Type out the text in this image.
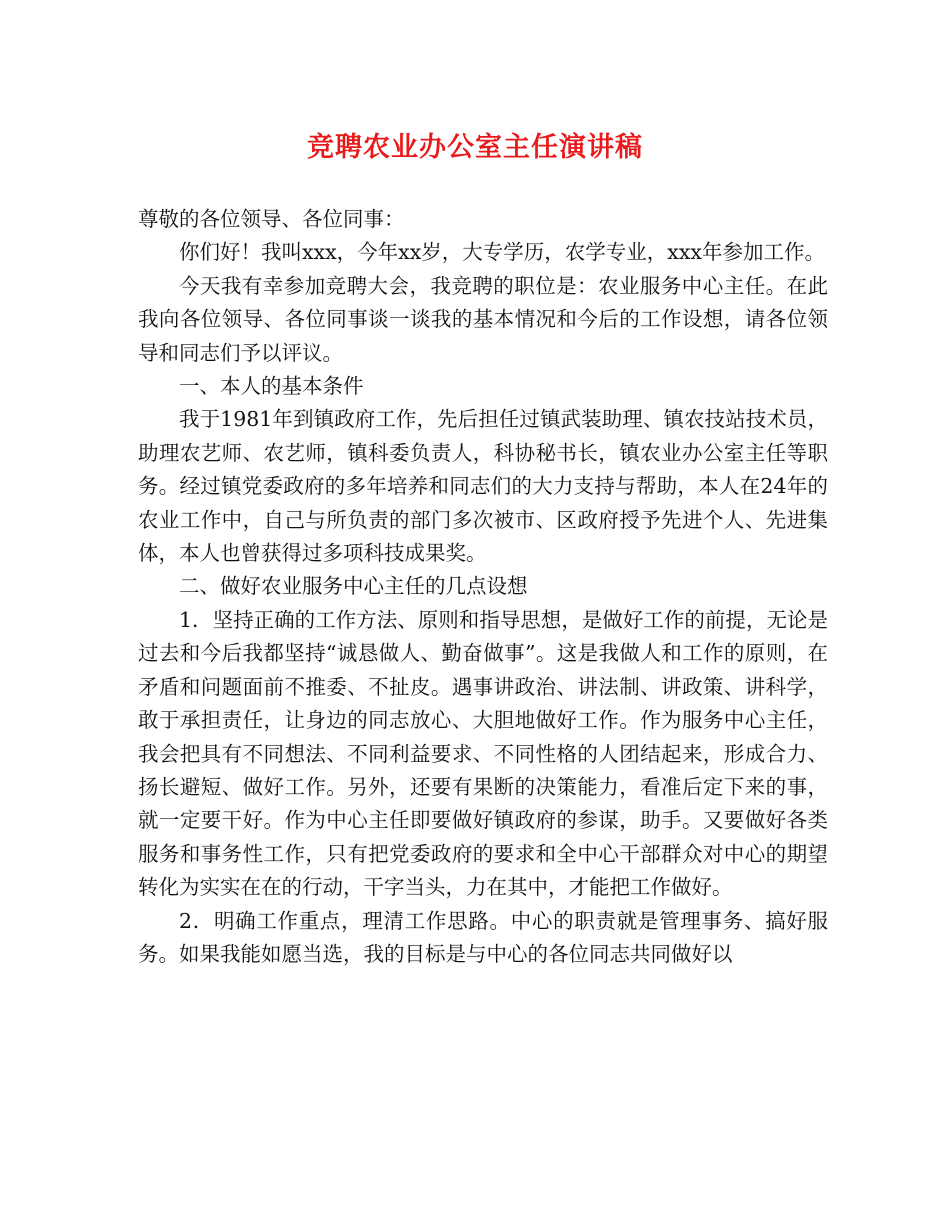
竞聘农业办公室主任演讲稿

尊敬的各位领导、各位同事：

你们好！我叫xxx，今年xx岁，大专学历，农学专业，xxx年参加工作。

今天我有幸参加竞聘大会，我竞聘的职位是：农业服务中心主任。在此我向各位领导、各位同事谈一谈我的基本情况和今后的工作设想，请各位领导和同志们予以评议。

一、本人的基本条件

我于1981年到镇政府工作，先后担任过镇武装助理、镇农技站技术员，助理农艺师、农艺师，镇科委负责人，科协秘书长，镇农业办公室主任等职务。经过镇党委政府的多年培养和同志们的大力支持与帮助，本人在24年的农业工作中，自己与所负责的部门多次被市、区政府授予先进个人、先进集体，本人也曾获得过多项科技成果奖。

二、做好农业服务中心主任的几点设想

1．坚持正确的工作方法、原则和指导思想，是做好工作的前提，无论是过去和今后我都坚持“诚恳做人、勤奋做事”。这是我做人和工作的原则，在矛盾和问题面前不推委、不扯皮。遇事讲政治、讲法制、讲政策、讲科学，敢于承担责任，让身边的同志放心、大胆地做好工作。作为服务中心主任，我会把具有不同想法、不同利益要求、不同性格的人团结起来，形成合力、扬长避短、做好工作。另外，还要有果断的决策能力，看准后定下来的事，就一定要干好。作为中心主任即要做好镇政府的参谋，助手。又要做好各类服务和事务性工作，只有把党委政府的要求和全中心干部群众对中心的期望转化为实实在在的行动，干字当头，力在其中，才能把工作做好。

2．明确工作重点，理清工作思路。中心的职责就是管理事务、搞好服务。如果我能如愿当选，我的目标是与中心的各位同志共同做好以
